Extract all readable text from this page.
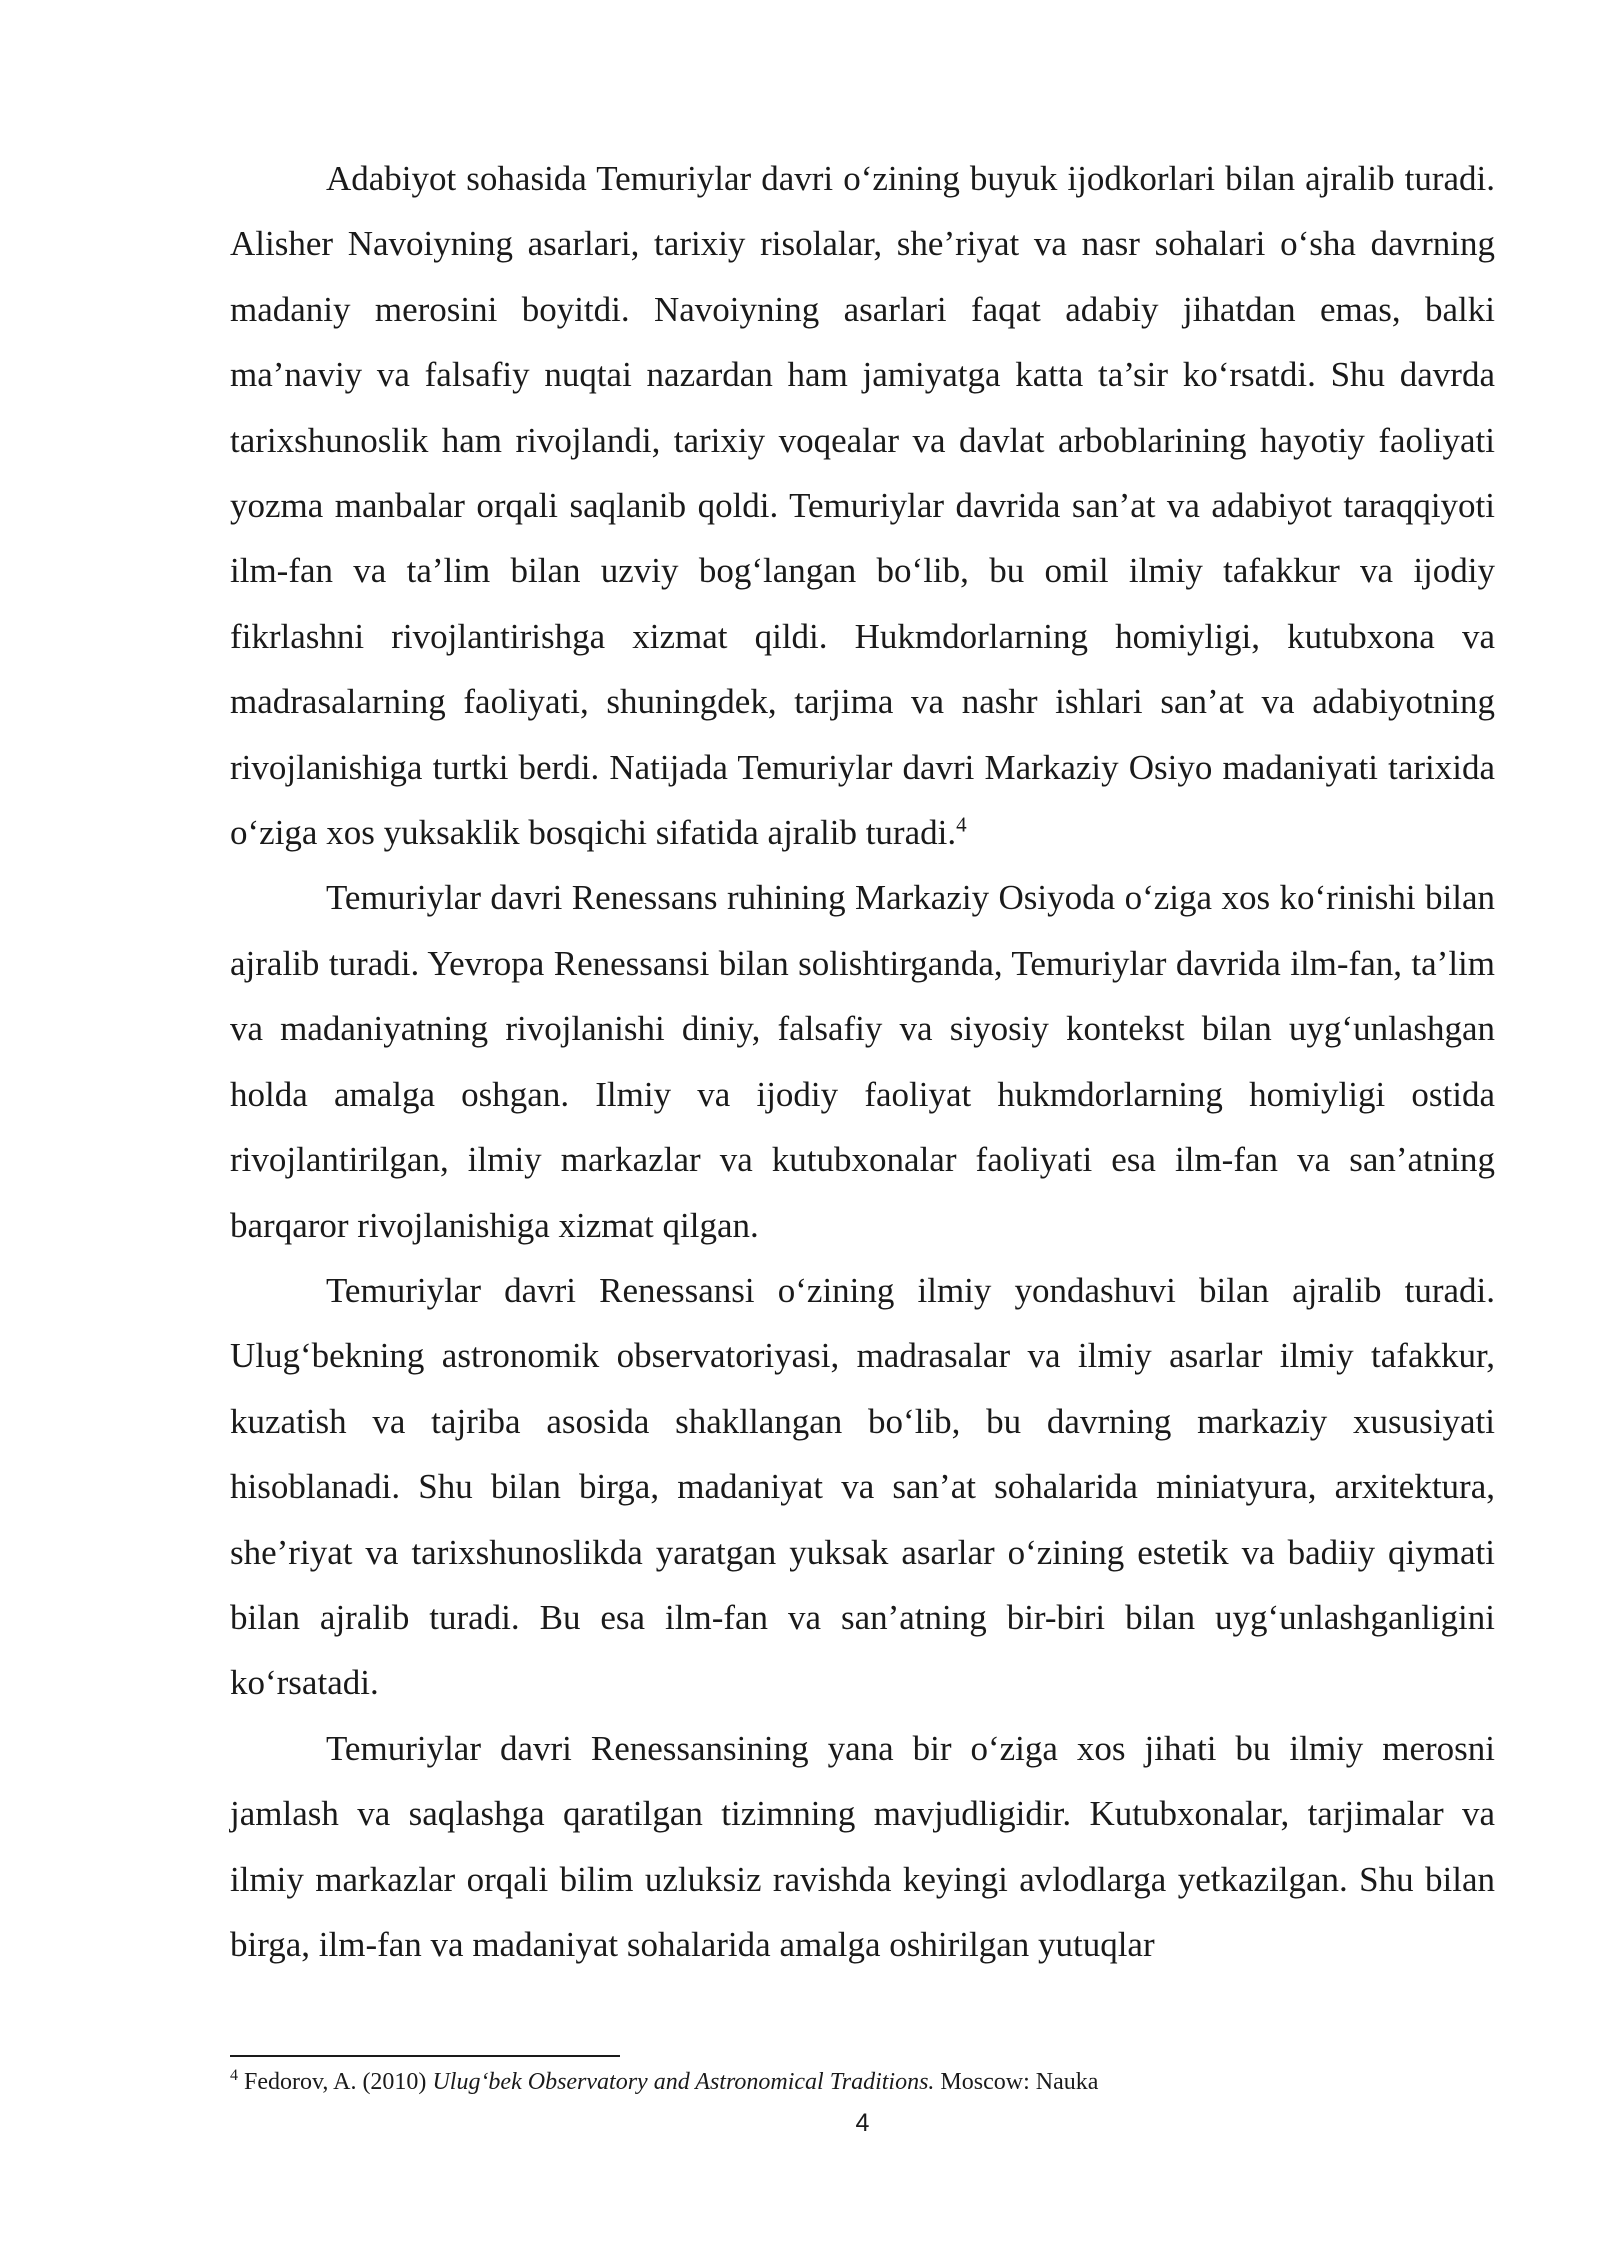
Adabiyot sohasida Temuriylar davri o‘zining buyuk ijodkorlari bilan ajralib turadi. Alisher Navoiyning asarlari, tarixiy risolalar, she’riyat va nasr sohalari o‘sha davrning madaniy merosini boyitdi. Navoiyning asarlari faqat adabiy jihatdan emas, balki ma’naviy va falsafiy nuqtai nazardan ham jamiyatga katta ta’sir ko‘rsatdi. Shu davrda tarixshunoslik ham rivojlandi, tarixiy voqealar va davlat arboblarining hayotiy faoliyati yozma manbalar orqali saqlanib qoldi. Temuriylar davrida san’at va adabiyot taraqqiyoti ilm-fan va ta’lim bilan uzviy bog‘langan bo‘lib, bu omil ilmiy tafakkur va ijodiy fikrlashni rivojlantirishga xizmat qildi. Hukmdorlarning homiyligi, kutubxona va madrasalarning faoliyati, shuningdek, tarjima va nashr ishlari san’at va adabiyotning rivojlanishiga turtki berdi. Natijada Temuriylar davri Markaziy Osiyo madaniyati tarixida o‘ziga xos yuksaklik bosqichi sifatida ajralib turadi.$^4$

Temuriylar davri Renessans ruhining Markaziy Osiyoda o‘ziga xos ko‘rinishi bilan ajralib turadi. Yevropa Renessansi bilan solishtirganda, Temuriylar davrida ilm-fan, ta’lim va madaniyatning rivojlanishi diniy, falsafiy va siyosiy kontekst bilan uyg‘unlashgan holda amalga oshgan. Ilmiy va ijodiy faoliyat hukmdorlarning homiyligi ostida rivojlantirilgan, ilmiy markazlar va kutubxonalar faoliyati esa ilm-fan va san’atning barqaror rivojlanishiga xizmat qilgan.

Temuriylar davri Renessansi o‘zining ilmiy yondashuvi bilan ajralib turadi. Ulug‘bekning astronomik observatoriyasi, madrasalar va ilmiy asarlar ilmiy tafakkur, kuzatish va tajriba asosida shakllangan bo‘lib, bu davrning markaziy xususiyati hisoblanadi. Shu bilan birga, madaniyat va san’at sohalarida miniatyura, arxitektura, she’riyat va tarixshunoslikda yaratgan yuksak asarlar o‘zining estetik va badiiy qiymati bilan ajralib turadi. Bu esa ilm-fan va san’atning bir-biri bilan uyg‘unlashganligini ko‘rsatadi.

Temuriylar davri Renessansining yana bir o‘ziga xos jihati bu ilmiy merosni jamlash va saqlashga qaratilgan tizimning mavjudligidir. Kutubxonalar, tarjimalar va ilmiy markazlar orqali bilim uzluksiz ravishda keyingi avlodlarga yetkazilgan. Shu bilan birga, ilm-fan va madaniyat sohalarida amalga oshirilgan yutuqlar

$^4$ Fedorov, A. (2010) Ulug‘bek Observatory and Astronomical Traditions. Moscow: Nauka

4
